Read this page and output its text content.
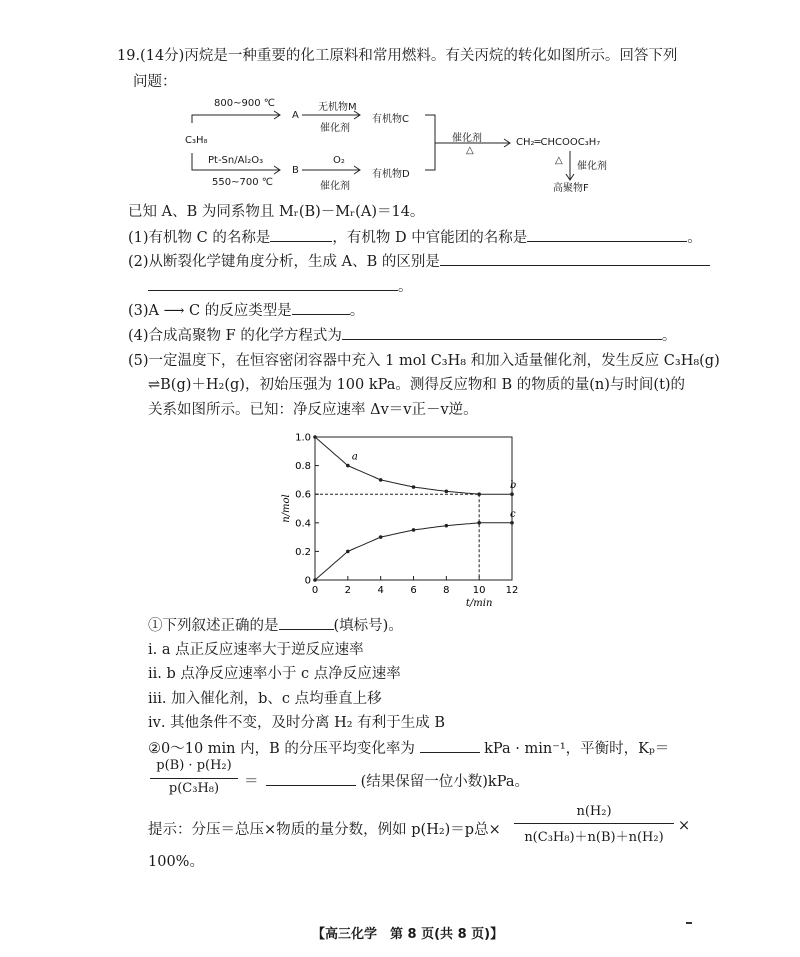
19.(14分)丙烷是一种重要的化工原料和常用燃料。有关丙烷的转化如图所示。回答下列
问题：
C₃H₈
800~900 ℃
A
无机物M
催化剂
有机物C
Pt-Sn/Al₂O₃
550~700 ℃
B
O₂
催化剂
有机物D
催化剂
△
CH₂═CHCOOC₃H₇
△
催化剂
高聚物F
已知 A、B 为同系物且 Mᵣ(B)－Mᵣ(A)＝14。
(1)有机物 C 的名称是	，有机物 D 中官能团的名称是	。
(2)从断裂化学键角度分析，生成 A、B 的区别是
。
(3)A ⟶ C 的反应类型是	。
(4)合成高聚物 F 的化学方程式为	。
(5)一定温度下，在恒容密闭容器中充入 1 mol C₃H₈ 和加入适量催化剂，发生反应 C₃H₈(g)
⇌B(g)＋H₂(g)，初始压强为 100 kPa。测得反应物和 B 的物质的量(n)与时间(t)的
关系如图所示。已知：净反应速率 Δv＝v正－v逆。
0	2	4	6	8 10 12
0
0.2
0.4
0.6
0.8
1.0
t/min
n/mol
a
b
c
①下列叙述正确的是	(填标号)。
ⅰ. a 点正反应速率大于逆反应速率
ⅱ. b 点净反应速率小于 c 点净反应速率
ⅲ. 加入催化剂，b、c 点均垂直上移
ⅳ. 其他条件不变，及时分离 H₂ 有利于生成 B
②0～10 min 内，B 的分压平均变化率为	kPa · min⁻¹，平衡时，Kₚ＝
p(B) · p(H₂)
p(C₃H₈)	＝	(结果保留一位小数)kPa。
提示：分压＝总压×物质的量分数，例如 p(H₂)＝p总×
n(H₂)
n(C₃H₈)＋n(B)＋n(H₂)
×
100%。
【高三化学　第 8 页(共 8 页)】
